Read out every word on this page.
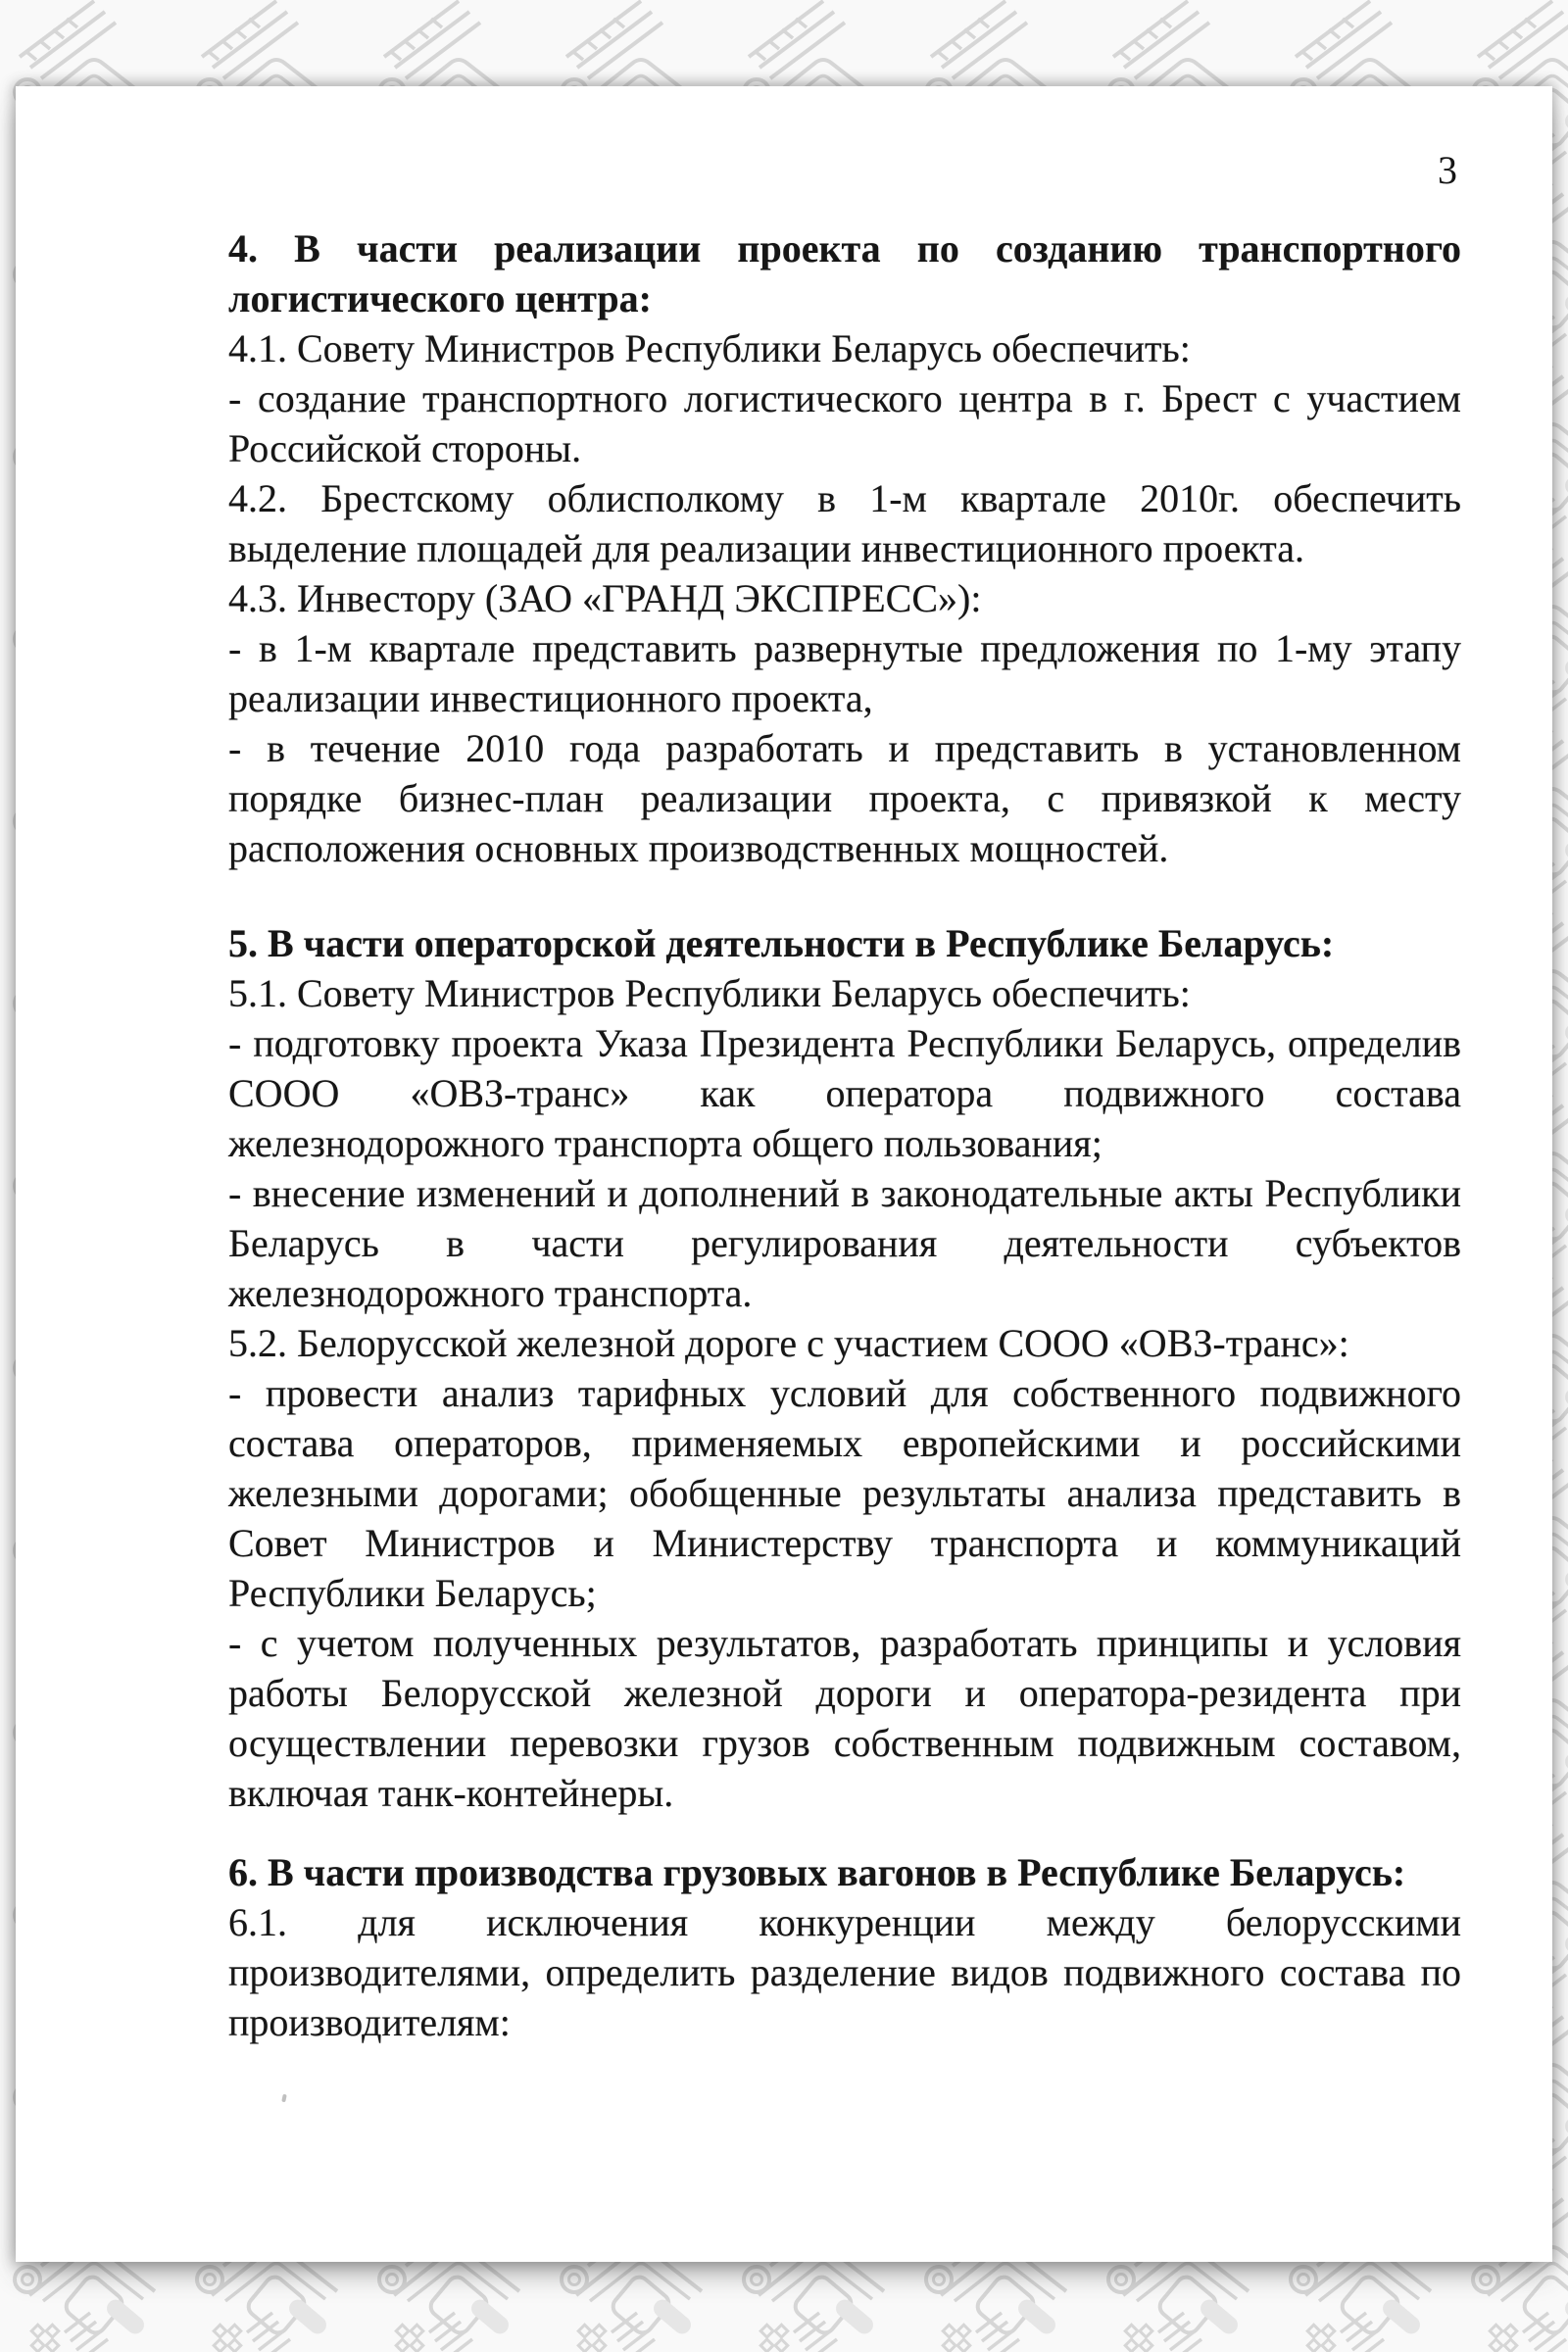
3

4. В части реализации проекта по созданию транспортного логистического центра:

4.1. Совету Министров Республики Беларусь обеспечить:

- создание транспортного логистического центра в г. Брест с участием Российской стороны.

4.2. Брестскому облисполкому в 1-м квартале 2010г. обеспечить выделение площадей для реализации инвестиционного проекта.

4.3. Инвестору (ЗАО «ГРАНД ЭКСПРЕСС»):

- в 1-м квартале представить развернутые предложения по 1-му этапу реализации инвестиционного проекта,

- в течение 2010 года разработать и представить в установленном порядке бизнес-план реализации проекта, с привязкой к месту расположения основных производственных мощностей.

5. В части операторской деятельности в Республике Беларусь:

5.1. Совету Министров Республики Беларусь обеспечить:

- подготовку проекта Указа Президента Республики Беларусь, определив СООО «ОВЗ-транс» как оператора подвижного состава железнодорожного транспорта общего пользования;

- внесение изменений и дополнений в законодательные акты Республики Беларусь в части регулирования деятельности субъектов железнодорожного транспорта.

5.2. Белорусской железной дороге с участием СООО «ОВЗ-транс»:

- провести анализ тарифных условий для собственного подвижного состава операторов, применяемых европейскими и российскими железными дорогами; обобщенные результаты анализа представить в Совет Министров и Министерству транспорта и коммуникаций Республики Беларусь;

- с учетом полученных результатов, разработать принципы и условия работы Белорусской железной дороги и оператора-резидента при осуществлении перевозки грузов собственным подвижным составом, включая танк-контейнеры.

6. В части производства грузовых вагонов в Республике Беларусь:

6.1. для исключения конкуренции между белорусскими производителями, определить разделение видов подвижного состава по производителям:
